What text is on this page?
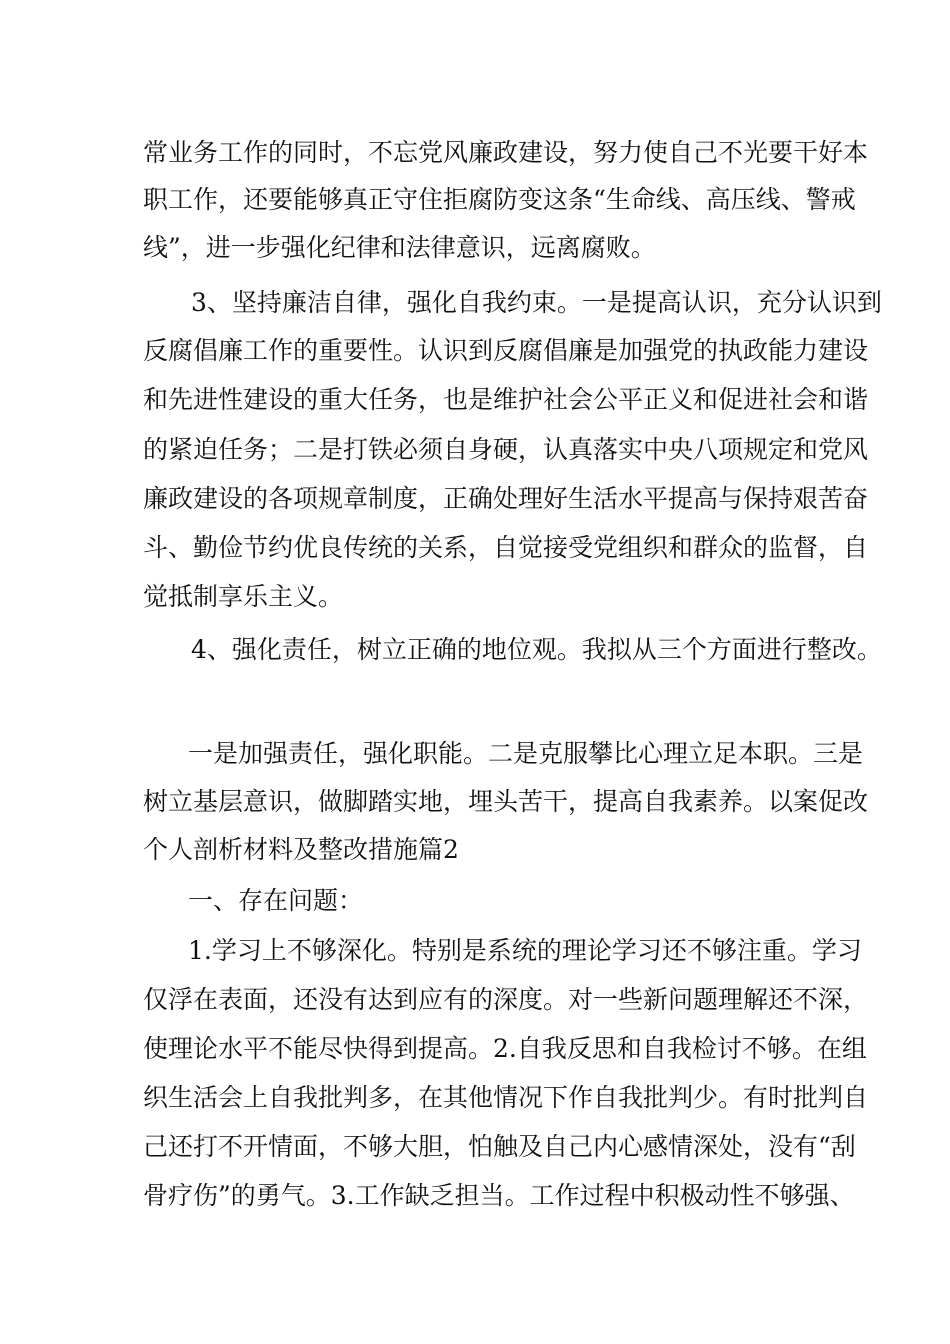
常业务工作的同时，不忘党风廉政建设，努力使自己不光要干好本
职工作，还要能够真正守住拒腐防变这条“生命线、高压线、警戒
线”，进一步强化纪律和法律意识，远离腐败。
3、坚持廉洁自律，强化自我约束。一是提高认识，充分认识到
反腐倡廉工作的重要性。认识到反腐倡廉是加强党的执政能力建设
和先进性建设的重大任务，也是维护社会公平正义和促进社会和谐
的紧迫任务；二是打铁必须自身硬，认真落实中央八项规定和党风
廉政建设的各项规章制度，正确处理好生活水平提高与保持艰苦奋
斗、勤俭节约优良传统的关系，自觉接受党组织和群众的监督，自
觉抵制享乐主义。
4、强化责任，树立正确的地位观。我拟从三个方面进行整改。
一是加强责任，强化职能。二是克服攀比心理立足本职。三是
树立基层意识，做脚踏实地，埋头苦干，提高自我素养。以案促改
个人剖析材料及整改措施篇2
一、存在问题：
1.学习上不够深化。特别是系统的理论学习还不够注重。学习
仅浮在表面，还没有达到应有的深度。对一些新问题理解还不深，
使理论水平不能尽快得到提高。2.自我反思和自我检讨不够。在组
织生活会上自我批判多，在其他情况下作自我批判少。有时批判自
己还打不开情面，不够大胆，怕触及自己内心感情深处，没有“刮
骨疗伤”的勇气。3.工作缺乏担当。工作过程中积极动性不够强、
